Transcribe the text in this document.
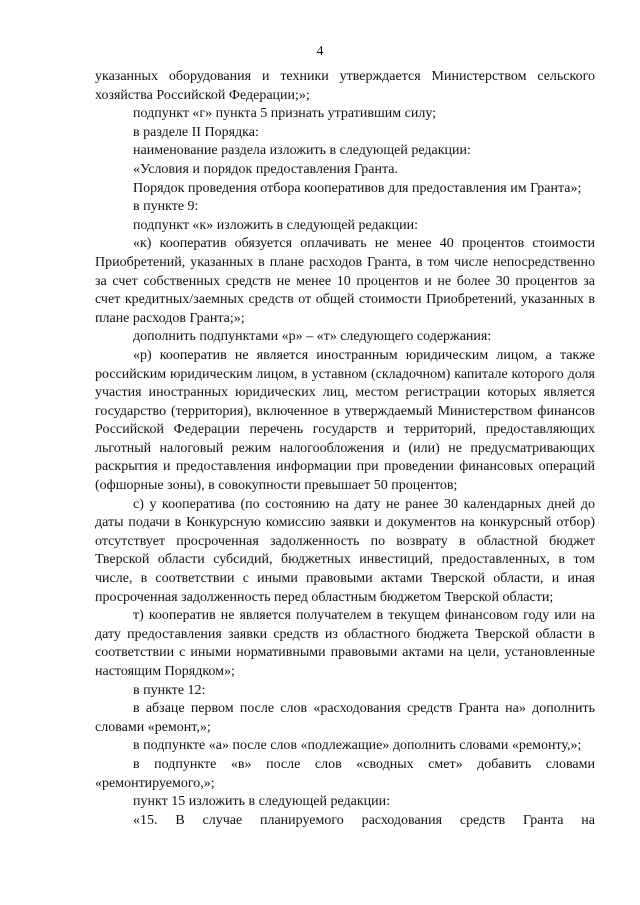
4

указанных оборудования и техники утверждается Министерством сельского хозяйства Российской Федерации;»;

подпункт «г» пункта 5 признать утратившим силу;

в разделе II Порядка:

наименование раздела изложить в следующей редакции:

«Условия и порядок предоставления Гранта.

Порядок проведения отбора кооперативов для предоставления им Гранта»;

в пункте 9:

подпункт «к» изложить в следующей редакции:

«к) кооператив обязуется оплачивать не менее 40 процентов стоимости Приобретений, указанных в плане расходов Гранта, в том числе непосредственно за счет собственных средств не менее 10 процентов и не более 30 процентов за счет кредитных/заемных средств от общей стоимости Приобретений, указанных в плане расходов Гранта;»;

дополнить подпунктами «р» – «т» следующего содержания:

«р) кооператив не является иностранным юридическим лицом, а также российским юридическим лицом, в уставном (складочном) капитале которого доля участия иностранных юридических лиц, местом регистрации которых является государство (территория), включенное в утверждаемый Министерством финансов Российской Федерации перечень государств и территорий, предоставляющих льготный налоговый режим налогообложения и (или) не предусматривающих раскрытия и предоставления информации при проведении финансовых операций (офшорные зоны), в совокупности превышает 50 процентов;

с) у кооператива (по состоянию на дату не ранее 30 календарных дней до даты подачи в Конкурсную комиссию заявки и документов на конкурсный отбор) отсутствует просроченная задолженность по возврату в областной бюджет Тверской области субсидий, бюджетных инвестиций, предоставленных, в том числе, в соответствии с иными правовыми актами Тверской области, и иная просроченная задолженность перед областным бюджетом Тверской области;

т) кооператив не является получателем в текущем финансовом году или на дату предоставления заявки средств из областного бюджета Тверской области в соответствии с иными нормативными правовыми актами на цели, установленные настоящим Порядком»;

в пункте 12:

в абзаце первом после слов «расходования средств Гранта на» дополнить словами «ремонт,»;

в подпункте «а» после слов «подлежащие» дополнить словами «ремонту,»;

в подпункте «в» после слов «сводных смет» добавить словами «ремонтируемого,»;

пункт 15 изложить в следующей редакции:

«15. В случае планируемого расходования средств Гранта на
